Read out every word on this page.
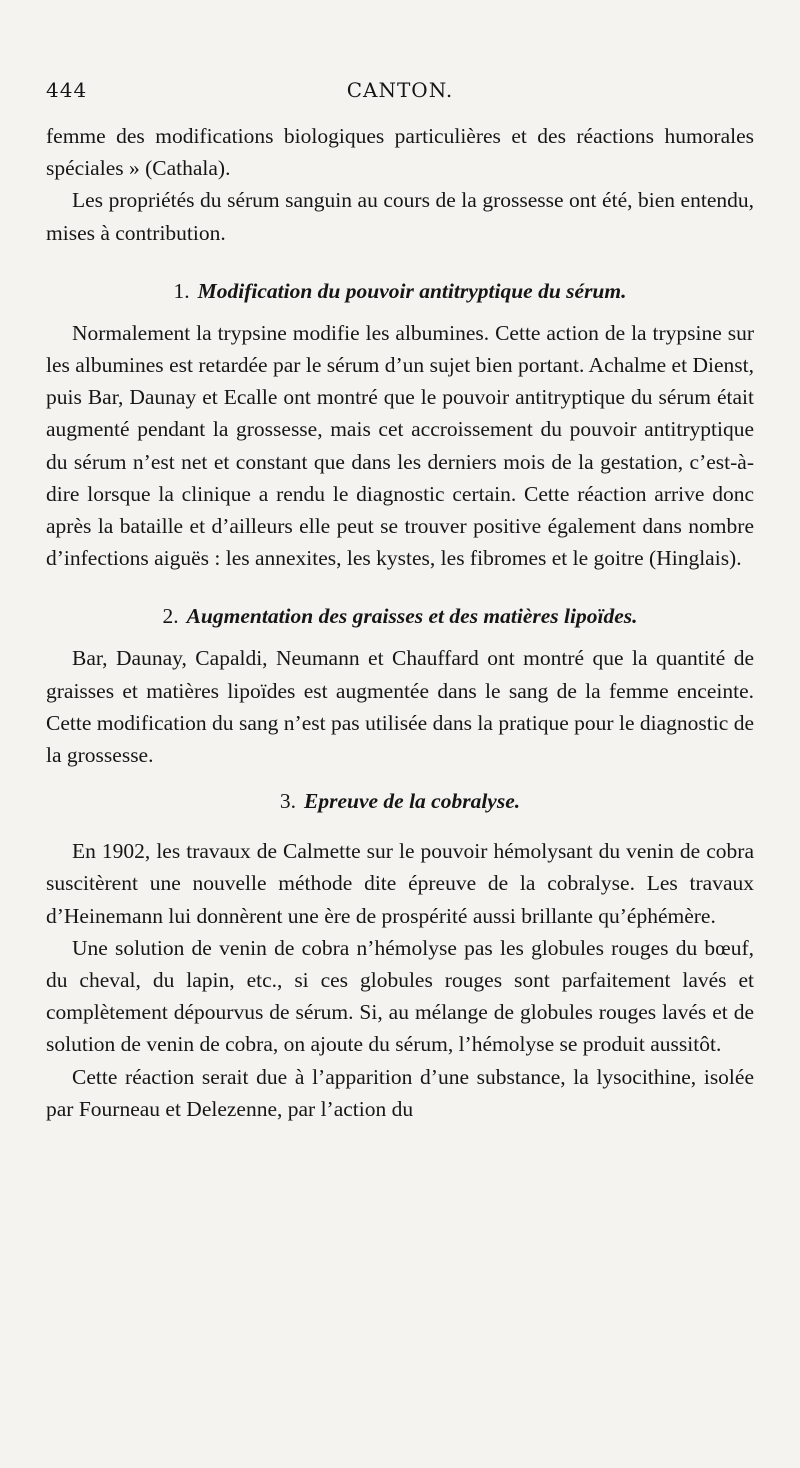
444	CANTON.

femme des modifications biologiques particulières et des réactions humorales spéciales » (Cathala).

Les propriétés du sérum sanguin au cours de la grossesse ont été, bien entendu, mises à contribution.

1. Modification du pouvoir antitryptique du sérum.

Normalement la trypsine modifie les albumines. Cette action de la trypsine sur les albumines est retardée par le sérum d’un sujet bien portant. Achalme et Dienst, puis Bar, Daunay et Ecalle ont montré que le pouvoir antitryptique du sérum était augmenté pendant la grossesse, mais cet accroissement du pouvoir antitryptique du sérum n’est net et constant que dans les derniers mois de la gestation, c’est-à-dire lorsque la clinique a rendu le diagnostic certain. Cette réaction arrive donc après la bataille et d’ailleurs elle peut se trouver positive également dans nombre d’infections aiguës : les annexites, les kystes, les fibromes et le goitre (Hinglais).

2. Augmentation des graisses et des matières lipoïdes.

Bar, Daunay, Capaldi, Neumann et Chauffard ont montré que la quantité de graisses et matières lipoïdes est augmentée dans le sang de la femme enceinte. Cette modification du sang n’est pas utilisée dans la pratique pour le diagnostic de la grossesse.

3. Epreuve de la cobralyse.

En 1902, les travaux de Calmette sur le pouvoir hémolysant du venin de cobra suscitèrent une nouvelle méthode dite épreuve de la cobralyse. Les travaux d’Heinemann lui donnèrent une ère de prospérité aussi brillante qu’éphémère.

Une solution de venin de cobra n’hémolyse pas les globules rouges du bœuf, du cheval, du lapin, etc., si ces globules rouges sont parfaitement lavés et complètement dépourvus de sérum. Si, au mélange de globules rouges lavés et de solution de venin de cobra, on ajoute du sérum, l’hémolyse se produit aussitôt.

Cette réaction serait due à l’apparition d’une substance, la lysocithine, isolée par Fourneau et Delezenne, par l’action du
